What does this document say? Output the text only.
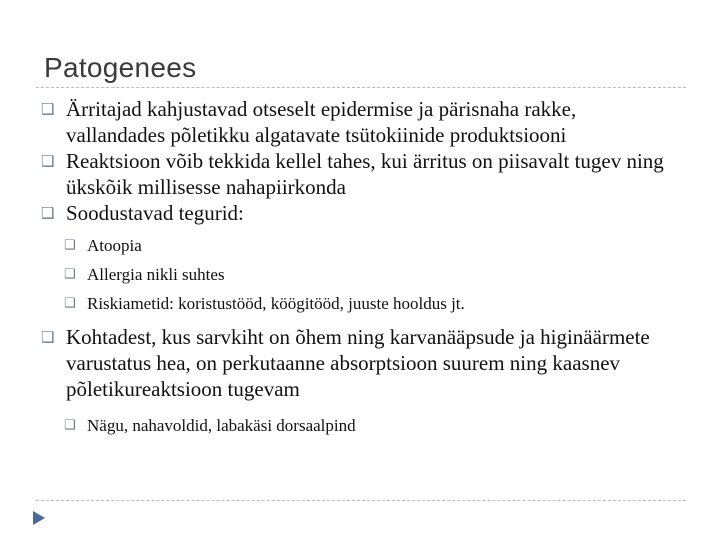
Patogenees
❑ Ärritajad kahjustavad otseselt epidermise ja pärisnaha rakke, vallandades põletikku algatavate tsütokiinide produktsiooni
❑ Reaktsioon võib tekkida kellel tahes, kui ärritus on piisavalt tugev ning ükskõik millisesse nahapiirkonda
❑ Soodustavad tegurid:
❑ Atoopia
❑ Allergia nikli suhtes
❑ Riskiametid: koristustööd, köögitööd, juuste hooldus jt.
❑ Kohtadest, kus sarvkiht on õhem ning karvanääpsude ja higinäärmete varustatus hea, on perkutaanne absorptsioon suurem ning kaasnev põletikureaktsioon tugevam
❑ Nägu, nahavoldid, labakäsi dorsaalpind
